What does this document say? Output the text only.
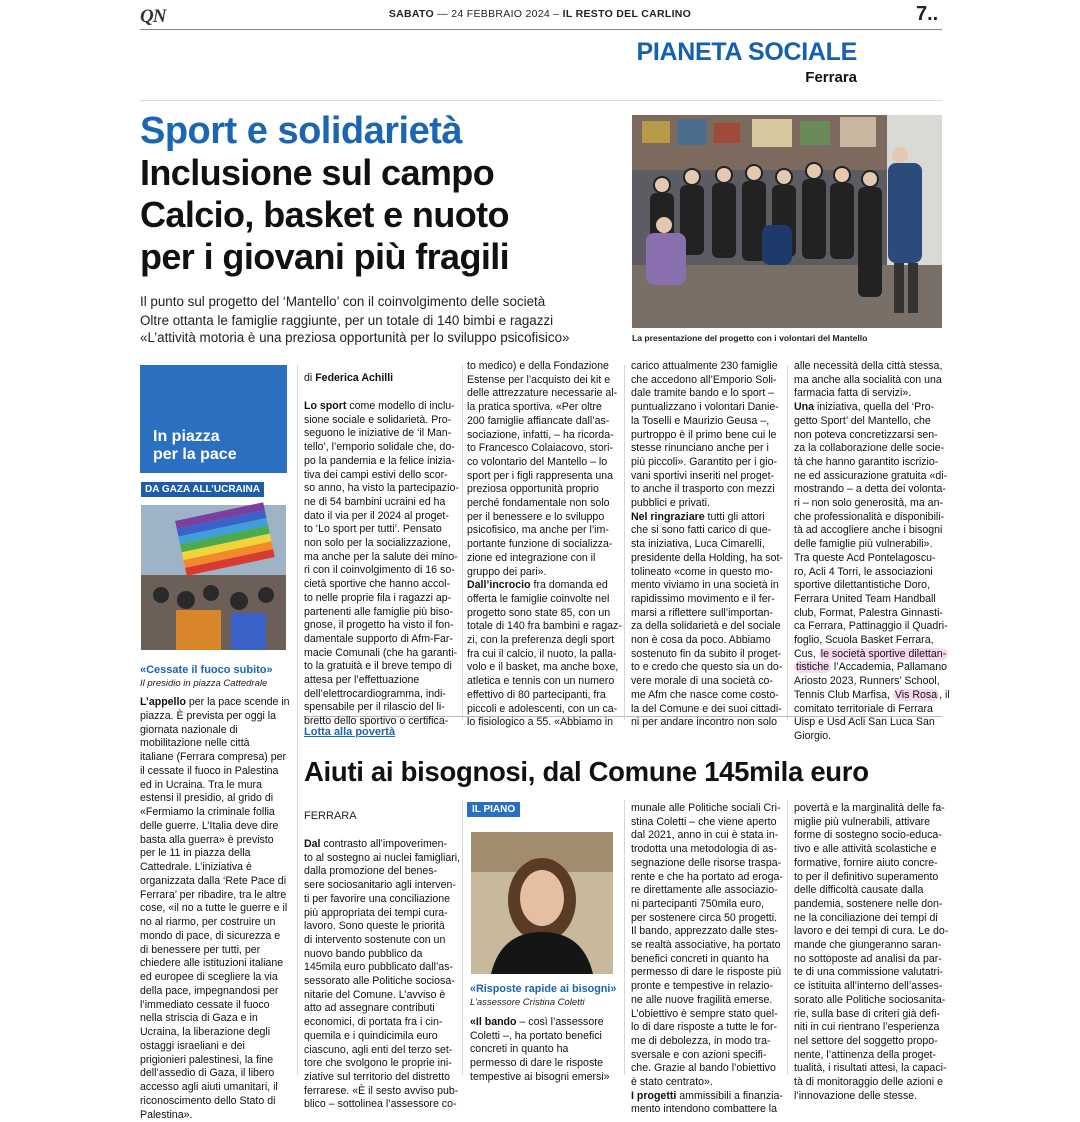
QN	SABATO — 24 FEBBRAIO 2024 – IL RESTO DEL CARLINO	7..
PIANETA SOCIALE
Ferrara
Sport e solidarietà
Inclusione sul campo
Calcio, basket e nuoto
per i giovani più fragili
Il punto sul progetto del ‘Mantello’ con il coinvolgimento delle società
Oltre ottanta le famiglie raggiunte, per un totale di 140 bimbi e ragazzi
«L’attività motoria è una preziosa opportunità per lo sviluppo psicofisico»	La presentazione del progetto con i volontari del Mantello
In piazza
per la pace
DA GAZA ALL’UCRAINA
«Cessate il fuoco subito»
Il presidio in piazza Cattedrale

L’appello per la pace scende in

piazza. È prevista per oggi la

giornata nazionale di

mobilitazione nelle città

italiane (Ferrara compresa) per

il cessate il fuoco in Palestina

ed in Ucraina. Tra le mura

estensi il presidio, al grido di

«Fermiamo la criminale follia

delle guerre. L’Italia deve dire

basta alla guerra» è previsto

per le 11 in piazza della

Cattedrale. L’iniziativa è

organizzata dalla ‘Rete Pace di

Ferrara’ per ribadire, tra le altre

cose, «il no a tutte le guerre e il

no al riarmo, per costruire un

mondo di pace, di sicurezza e

di benessere per tutti, per

chiedere alle istituzioni italiane

ed europee di scegliere la via

della pace, impegnandosi per

l’immediato cessate il fuoco

nella striscia di Gaza e in

Ucraina, la liberazione degli

ostaggi israeliani e dei

prigionieri palestinesi, la fine

dell’assedio di Gaza, il libero

accesso agli aiuti umanitari, il

riconoscimento dello Stato di

Palestina».

di Federica Achilli

Lo sport come modello di inclu-

sione sociale e solidarietà. Pro-

seguono le iniziative de ‘il Man-

tello’, l’emporio solidale che, do-

po la pandemia e la felice inizia-

tiva dei campi estivi dello scor-

so anno, ha visto la partecipazio-

ne di 54 bambini ucraini ed ha

dato il via per il 2024 al proget-

to ‘Lo sport per tutti’. Pensato

non solo per la socializzazione,

ma anche per la salute dei mino-

ri con il coinvolgimento di 16 so-

cietà sportive che hanno accol-

to nelle proprie fila i ragazzi ap-

partenenti alle famiglie più biso-

gnose, il progetto ha visto il fon-

damentale supporto di Afm-Far-

macie Comunali (che ha garanti-

to la gratuità e il breve tempo di

attesa per l’effettuazione

dell’elettrocardiogramma, indi-

spensabile per il rilascio del li-

bretto dello sportivo o certifica-

to medico) e della Fondazione

Estense per l’acquisto dei kit e

delle attrezzature necessarie al-

la pratica sportiva. «Per oltre

200 famiglie affiancate dall’as-

sociazione, infatti, – ha ricorda-

to Francesco Colaiacovo, stori-

co volontario del Mantello – lo

sport per i figli rappresenta una

preziosa opportunità proprio

perché fondamentale non solo

per il benessere e lo sviluppo

psicofisico, ma anche per l’im-

portante funzione di socializza-

zione ed integrazione con il

gruppo dei pari».

Dall’incrocio fra domanda ed

offerta le famiglie coinvolte nel

progetto sono state 85, con un

totale di 140 fra bambini e ragaz-

zi, con la preferenza degli sport

fra cui il calcio, il nuoto, la palla-

volo e il basket, ma anche boxe,

atletica e tennis con un numero

effettivo di 80 partecipanti, fra

piccoli e adolescenti, con un ca-

lo fisiologico a 55. «Abbiamo in

carico attualmente 230 famiglie

che accedono all’Emporio Soli-

dale tramite bando e lo sport –

puntualizzano i volontari Danie-

la Toselli e Maurizio Geusa –,

purtroppo è il primo bene cui le

stesse rinunciano anche per i

più piccoli». Garantito per i gio-

vani sportivi inseriti nel proget-

to anche il trasporto con mezzi

pubblici e privati.

Nel ringraziare tutti gli attori

che si sono fatti carico di que-

sta iniziativa, Luca Cimarelli,

presidente della Holding, ha sot-

tolineato «come in questo mo-

mento viviamo in una società in

rapidissimo movimento e il fer-

marsi a riflettere sull’importan-

za della solidarietà e del sociale

non è cosa da poco. Abbiamo

sostenuto fin da subito il proget-

to e credo che questo sia un do-

vere morale di una società co-

me Afm che nasce come costo-

la del Comune e dei suoi cittadi-

ni per andare incontro non solo

alle necessità della città stessa,

ma anche alla socialità con una

farmacia fatta di servizi».

Una iniziativa, quella del ‘Pro-

getto Sport’ del Mantello, che

non poteva concretizzarsi sen-

za la collaborazione delle socie-

tà che hanno garantito iscrizio-

ne ed assicurazione gratuita «di-

mostrando – a detta dei volonta-

ri – non solo generosità, ma an-

che professionalità e disponibili-

tà ad accogliere anche i bisogni

delle famiglie più vulnerabili».

Tra queste Acd Pontelagoscu-

ro, Acli 4 Torri, le associazioni

sportive dilettantistiche Doro,

Ferrara United Team Handball

club, Format, Palestra Ginnasti-

ca Ferrara, Pattinaggio il Quadri-

foglio, Scuola Basket Ferrara,

Cus, le società sportive dilettan-

tistiche l’Accademia, Pallamano

Ariosto 2023, Runners’ School,

Tennis Club Marfisa, Vis Rosa , il

comitato territoriale di Ferrara

Uisp e Usd Acli San Luca San

Giorgio.

Lotta alla povertà
Aiuti ai bisognosi, dal Comune 145mila euro
FERRARA

Dal contrasto all’impoverimen-

to al sostegno ai nuclei famigliari,

dalla promozione del benes-

sere sociosanitario agli interven-

ti per favorire una conciliazione

più appropriata dei tempi cura-

lavoro. Sono queste le priorità

di intervento sostenute con un

nuovo bando pubblico da

145mila euro pubblicato dall’as-

sessorato alle Politiche sociosa-

nitarie del Comune. L’avviso è

atto ad assegnare contributi

economici, di portata fra i cin-

quemila e i quindicimila euro

ciascuno, agli enti del terzo set-

tore che svolgono le proprie ini-

ziative sul territorio del distretto

ferrarese. «È il sesto avviso pub-

blico – sottolinea l’assessore co-

IL PIANO
«Risposte rapide ai bisogni»
L’assessore Cristina Coletti

«Il bando – così l’assessore

Coletti –, ha portato benefici

concreti in quanto ha

permesso di dare le risposte

tempestive ai bisogni emersi»

munale alle Politiche sociali Cri-

stina Coletti – che viene aperto

dal 2021, anno in cui è stata in-

trodotta una metodologia di as-

segnazione delle risorse traspa-

rente e che ha portato ad eroga-

re direttamente alle associazio-

ni partecipanti 750mila euro,

per sostenere circa 50 progetti.

Il bando, apprezzato dalle stes-

se realtà associative, ha portato

benefici concreti in quanto ha

permesso di dare le risposte più

pronte e tempestive in relazio-

ne alle nuove fragilità emerse.

L’obiettivo è sempre stato quel-

lo di dare risposte a tutte le for-

me di debolezza, in modo tra-

sversale e con azioni specifi-

che. Grazie al bando l’obiettivo

è stato centrato».

I progetti ammissibili a finanzia-

mento intendono combattere la

povertà e la marginalità delle fa-

miglie più vulnerabili, attivare

forme di sostegno socio-educa-

tivo e alle attività scolastiche e

formative, fornire aiuto concre-

to per il definitivo superamento

delle difficoltà causate dalla

pandemia, sostenere nelle don-

ne la conciliazione dei tempi di

lavoro e dei tempi di cura. Le do-

mande che giungeranno saran-

no sottoposte ad analisi da par-

te di una commissione valutatri-

ce istituita all’interno dell’asses-

sorato alle Politiche sociosanita-

rie, sulla base di criteri già defi-

niti in cui rientrano l’esperienza

nel settore del soggetto propo-

nente, l’attinenza della proget-

tualità, i risultati attesi, la capaci-

tà di monitoraggio delle azioni e

l’innovazione delle stesse.
